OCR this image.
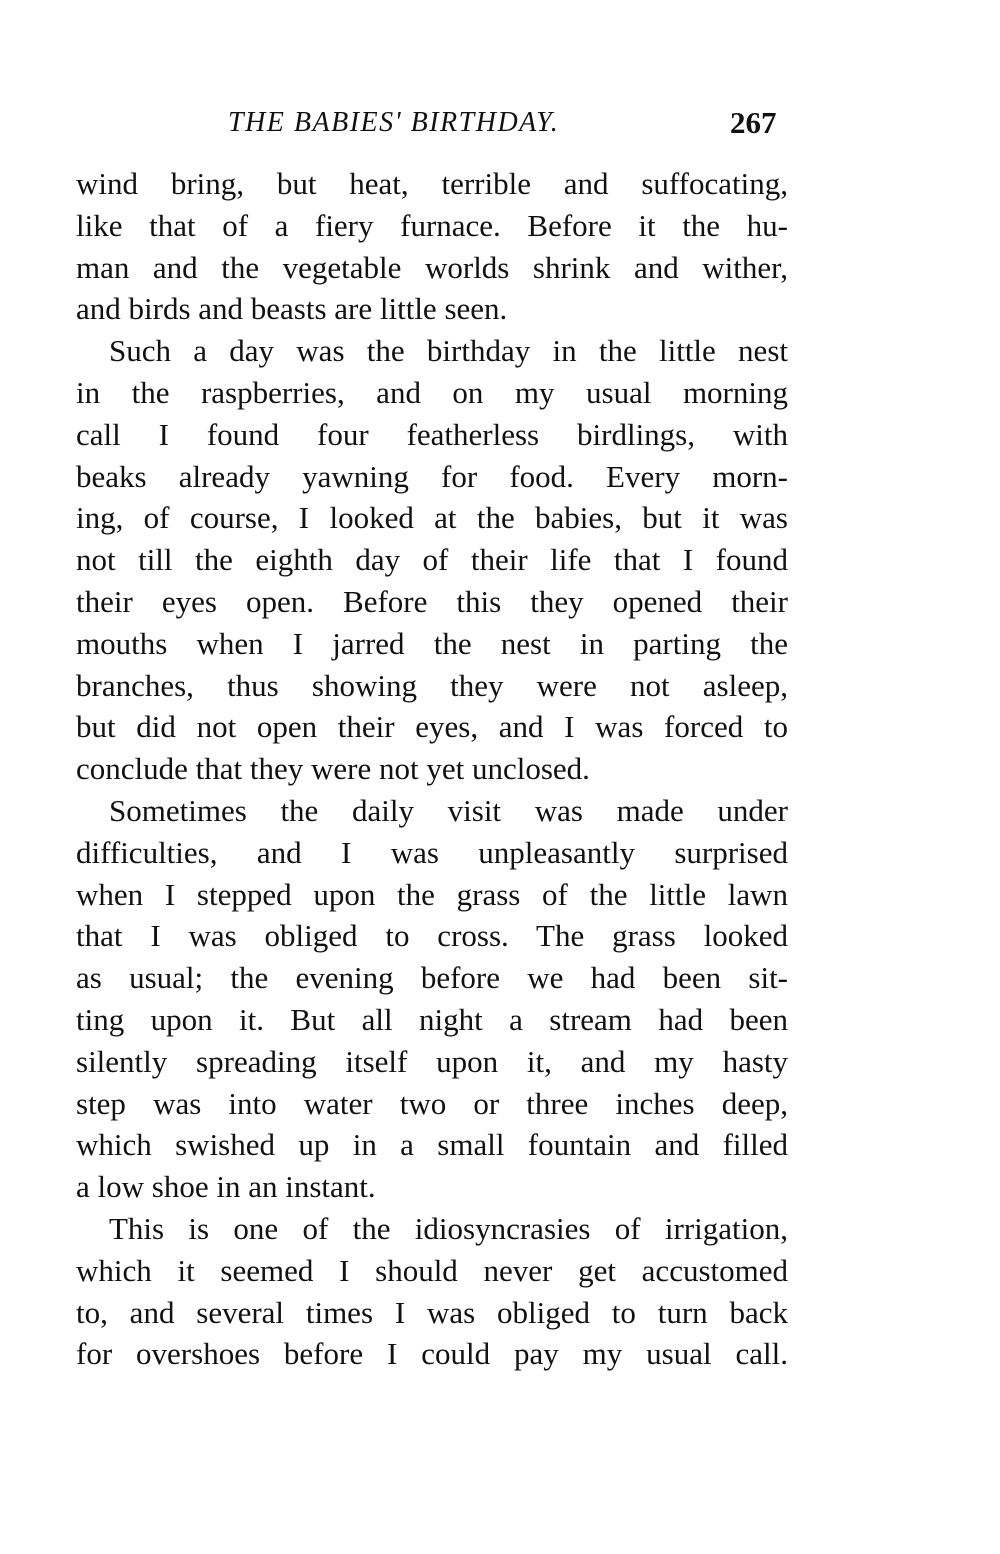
THE BABIES' BIRTHDAY.	267
wind bring, but heat, terrible and suffocating,
like that of a fiery furnace. Before it the hu-
man and the vegetable worlds shrink and wither,
and birds and beasts are little seen.
Such a day was the birthday in the little nest
in the raspberries, and on my usual morning
call I found four featherless birdlings, with
beaks already yawning for food. Every morn-
ing, of course, I looked at the babies, but it was
not till the eighth day of their life that I found
their eyes open. Before this they opened their
mouths when I jarred the nest in parting the
branches, thus showing they were not asleep,
but did not open their eyes, and I was forced to
conclude that they were not yet unclosed.
Sometimes the daily visit was made under
difficulties, and I was unpleasantly surprised
when I stepped upon the grass of the little lawn
that I was obliged to cross. The grass looked
as usual; the evening before we had been sit-
ting upon it. But all night a stream had been
silently spreading itself upon it, and my hasty
step was into water two or three inches deep,
which swished up in a small fountain and filled
a low shoe in an instant.
This is one of the idiosyncrasies of irrigation,
which it seemed I should never get accustomed
to, and several times I was obliged to turn back
for overshoes before I could pay my usual call.
